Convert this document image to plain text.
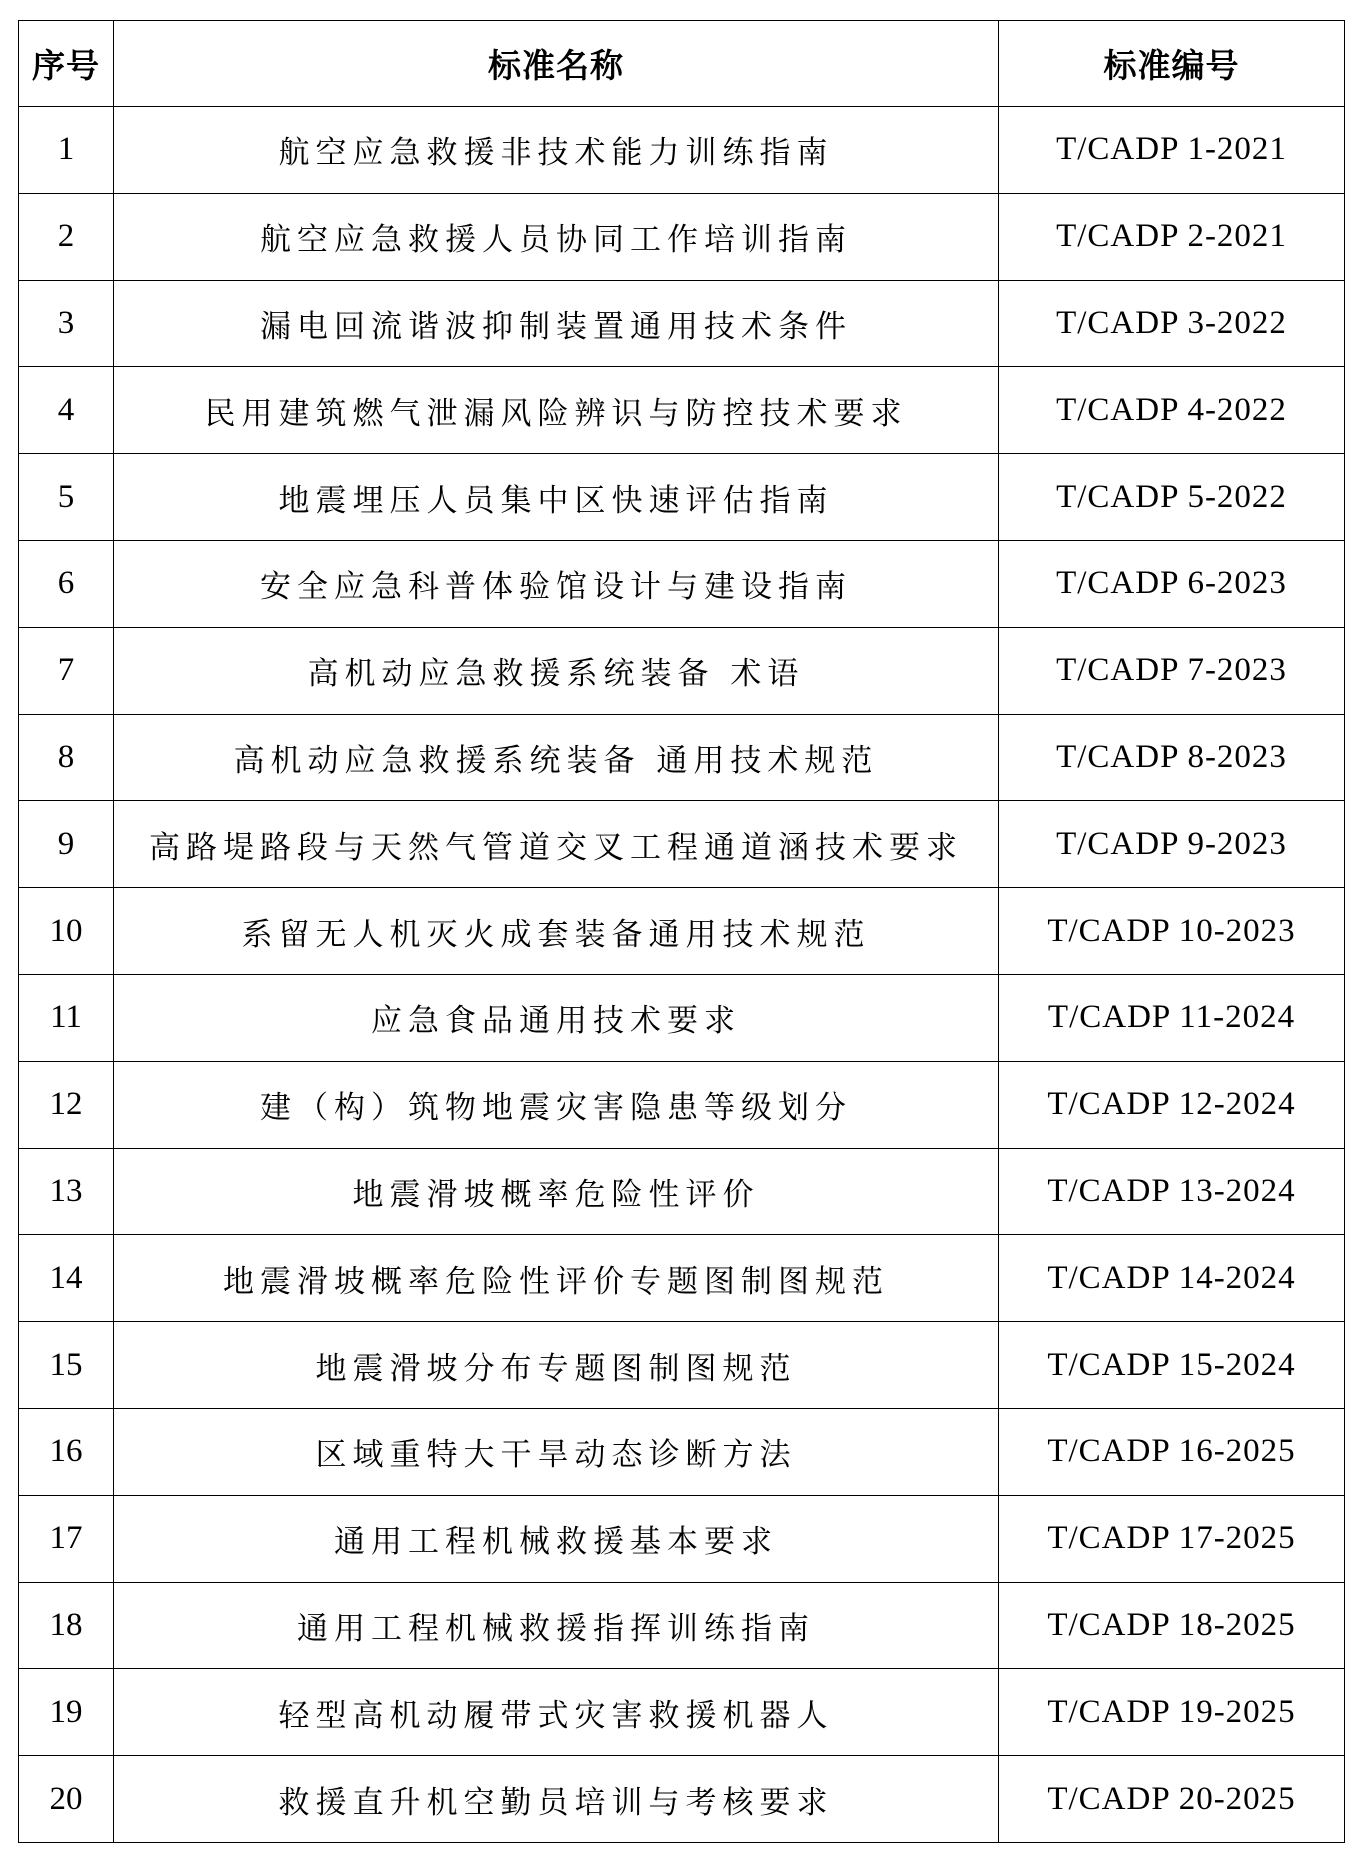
序号	标准名称	标准编号
1	航空应急救援非技术能力训练指南	T/CADP 1-2021
2	航空应急救援人员协同工作培训指南	T/CADP 2-2021
3	漏电回流谐波抑制装置通用技术条件	T/CADP 3-2022
4	民用建筑燃气泄漏风险辨识与防控技术要求	T/CADP 4-2022
5	地震埋压人员集中区快速评估指南	T/CADP 5-2022
6	安全应急科普体验馆设计与建设指南	T/CADP 6-2023
7	高机动应急救援系统装备 术语	T/CADP 7-2023
8	高机动应急救援系统装备 通用技术规范	T/CADP 8-2023
9	高路堤路段与天然气管道交叉工程通道涵技术要求	T/CADP 9-2023
10	系留无人机灭火成套装备通用技术规范	T/CADP 10-2023
11	应急食品通用技术要求	T/CADP 11-2024
12	建（构）筑物地震灾害隐患等级划分	T/CADP 12-2024
13	地震滑坡概率危险性评价	T/CADP 13-2024
14	地震滑坡概率危险性评价专题图制图规范	T/CADP 14-2024
15	地震滑坡分布专题图制图规范	T/CADP 15-2024
16	区域重特大干旱动态诊断方法	T/CADP 16-2025
17	通用工程机械救援基本要求	T/CADP 17-2025
18	通用工程机械救援指挥训练指南	T/CADP 18-2025
19	轻型高机动履带式灾害救援机器人	T/CADP 19-2025
20	救援直升机空勤员培训与考核要求	T/CADP 20-2025
